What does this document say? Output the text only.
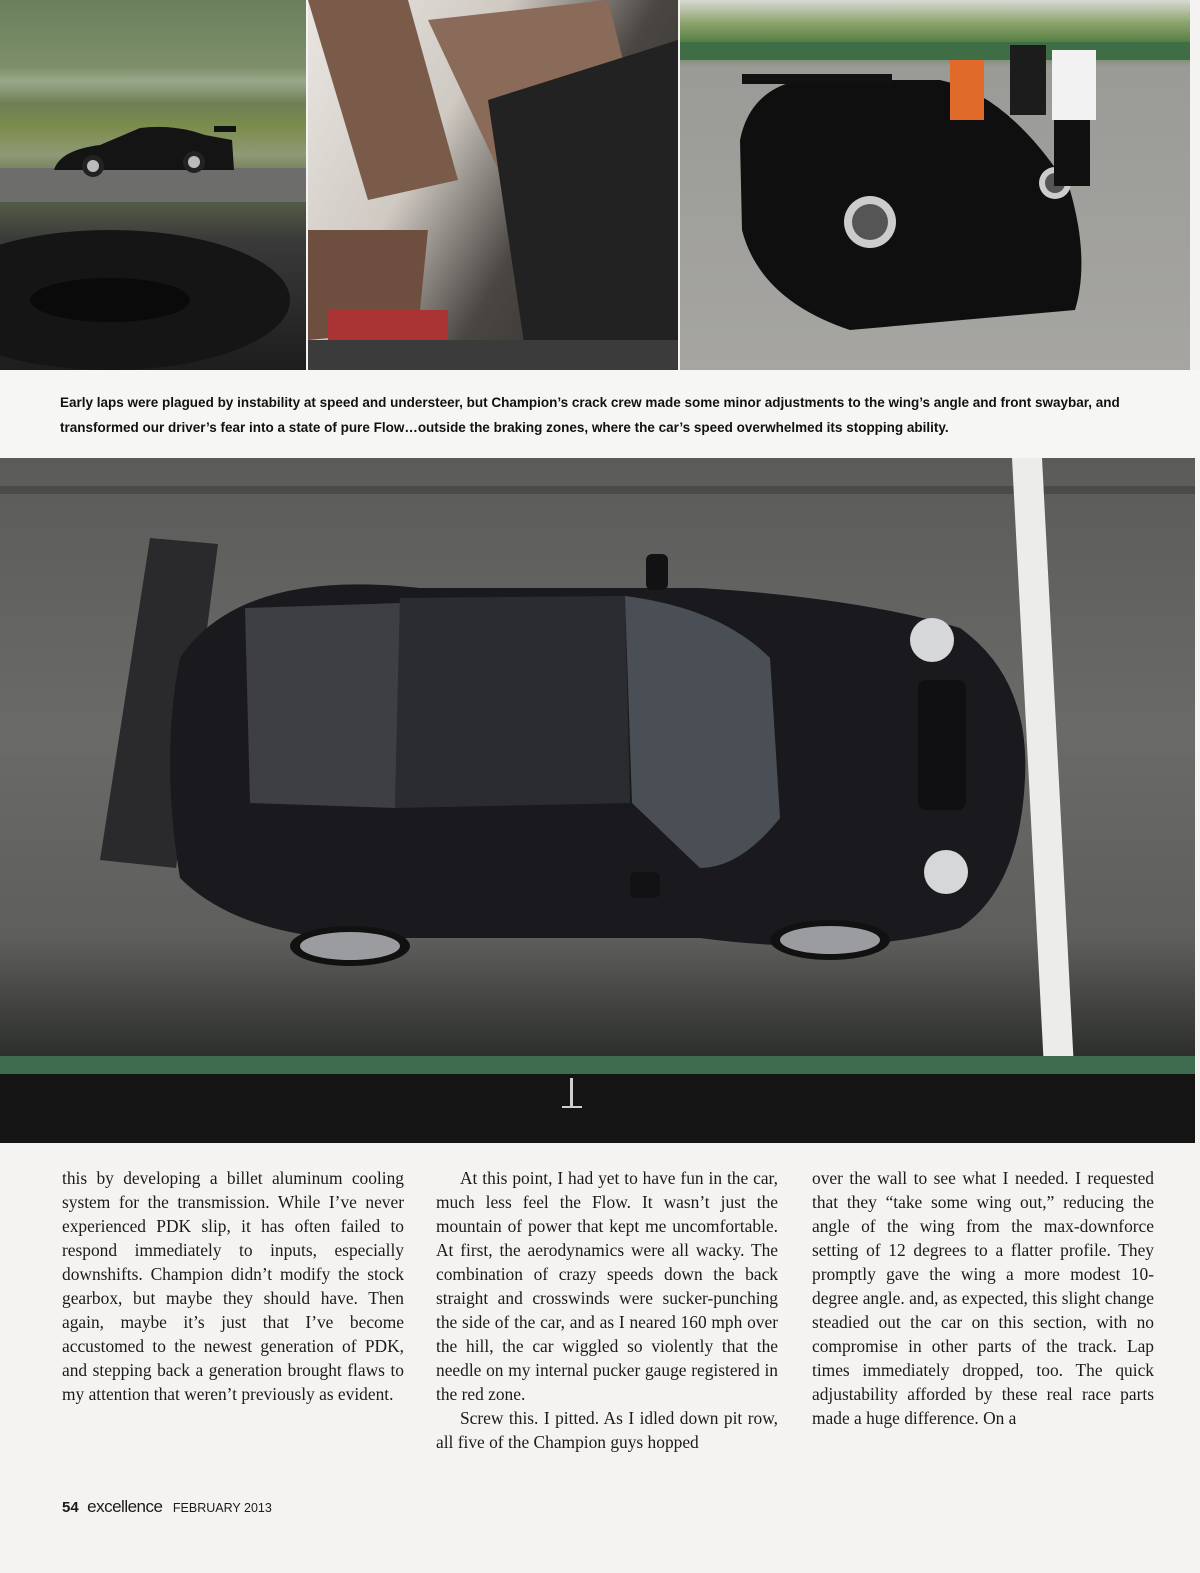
Early laps were plagued by instability at speed and understeer, but Champion’s crack crew made some minor adjustments to the wing’s angle and front swaybar, and transformed our driver’s fear into a state of pure Flow…outside the braking zones, where the car’s speed overwhelmed its stopping ability.

this by developing a billet aluminum cooling system for the transmission. While I’ve never experienced PDK slip, it has often failed to respond immediately to inputs, especially downshifts. Champion didn’t modify the stock gearbox, but maybe they should have. Then again, maybe it’s just that I’ve become accustomed to the newest generation of PDK, and stepping back a generation brought flaws to my attention that weren’t previously as evident.

At this point, I had yet to have fun in the car, much less feel the Flow. It wasn’t just the mountain of power that kept me uncomfortable. At first, the aerodynamics were all wacky. The combination of crazy speeds down the back straight and crosswinds were sucker-punching the side of the car, and as I neared 160 mph over the hill, the car wiggled so violently that the needle on my internal pucker gauge registered in the red zone.

Screw this. I pitted. As I idled down pit row, all five of the Champion guys hopped

over the wall to see what I needed. I requested that they “take some wing out,” reducing the angle of the wing from the max-downforce setting of 12 degrees to a flatter profile. They promptly gave the wing a more modest 10-degree angle. and, as expected, this slight change steadied out the car on this section, with no compromise in other parts of the track. Lap times immediately dropped, too. The quick adjustability afforded by these real race parts made a huge difference. On a

54 excellence FEBRUARY 2013
